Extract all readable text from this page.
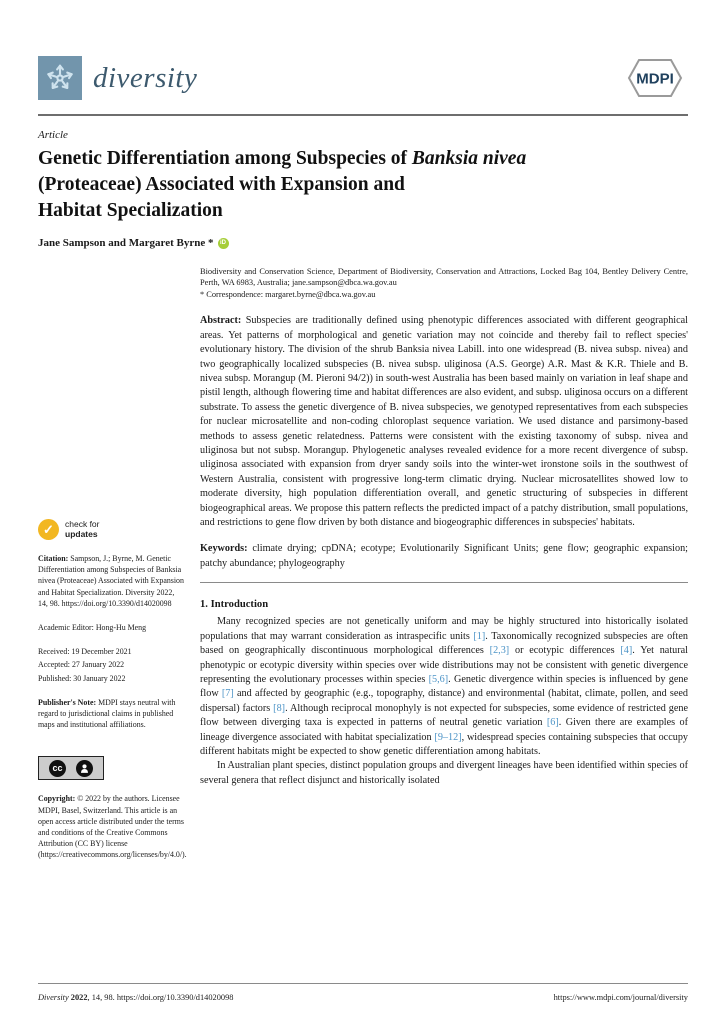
diversity	MDPI
Article
Genetic Differentiation among Subspecies of Banksia nivea
(Proteaceae) Associated with Expansion and
Habitat Specialization
Jane Sampson and Margaret Byrne *	iD
✓	check for
updates
Citation: Sampson, J.; Byrne, M. Genetic Differentiation among Subspecies of Banksia nivea (Proteaceae) Associated with Expansion and Habitat Specialization. Diversity 2022, 14, 98. https://doi.org/10.3390/d14020098
Academic Editor: Hong-Hu Meng
Received: 19 December 2021
Accepted: 27 January 2022
Published: 30 January 2022
Publisher's Note: MDPI stays neutral with regard to jurisdictional claims in published maps and institutional affiliations.
cc
Copyright: © 2022 by the authors. Licensee MDPI, Basel, Switzerland. This article is an open access article distributed under the terms and conditions of the Creative Commons Attribution (CC BY) license (https://creativecommons.org/licenses/by/4.0/).
Biodiversity and Conservation Science, Department of Biodiversity, Conservation and Attractions, Locked Bag 104, Bentley Delivery Centre, Perth, WA 6983, Australia; jane.sampson@dbca.wa.gov.au
* Correspondence: margaret.byrne@dbca.wa.gov.au
Abstract: Subspecies are traditionally defined using phenotypic differences associated with different geographical areas. Yet patterns of morphological and genetic variation may not coincide and thereby fail to reflect species' evolutionary history. The division of the shrub Banksia nivea Labill. into one widespread (B. nivea subsp. nivea) and two geographically localized subspecies (B. nivea subsp. uliginosa (A.S. George) A.R. Mast & K.R. Thiele and B. nivea subsp. Morangup (M. Pieroni 94/2)) in south-west Australia has been based mainly on variation in leaf shape and pistil length, although flowering time and habitat differences are also evident, and subsp. uliginosa occurs on a different substrate. To assess the genetic divergence of B. nivea subspecies, we genotyped representatives from each subspecies for nuclear microsatellite and non-coding chloroplast sequence variation. We used distance and parsimony-based methods to assess genetic relatedness. Patterns were consistent with the existing taxonomy of subsp. nivea and uliginosa but not subsp. Morangup. Phylogenetic analyses revealed evidence for a more recent divergence of subsp. uliginosa associated with expansion from dryer sandy soils into the winter-wet ironstone soils in the southwest of Western Australia, consistent with progressive long-term climatic drying. Nuclear microsatellites showed low to moderate diversity, high population differentiation overall, and genetic structuring of subspecies in different biogeographical areas. We propose this pattern reflects the predicted impact of a patchy distribution, small populations, and restrictions to gene flow driven by both distance and biogeographic differences in subspecies' habitats.
Keywords: climate drying; cpDNA; ecotype; Evolutionarily Significant Units; gene flow; geographic expansion; patchy abundance; phylogeography
1. Introduction

Many recognized species are not genetically uniform and may be highly structured into historically isolated populations that may warrant consideration as intraspecific units [1]. Taxonomically recognized subspecies are often based on geographically discontinuous morphological differences [2,3] or ecotypic differences [4]. Yet natural phenotypic or ecotypic diversity within species over wide distributions may not be consistent with genetic divergence representing the evolutionary processes within species [5,6]. Genetic divergence within species is influenced by gene flow [7] and affected by geographic (e.g., topography, distance) and environmental (habitat, climate, pollen, and seed dispersal) factors [8]. Although reciprocal monophyly is not expected for subspecies, some evidence of restricted gene flow between diverging taxa is expected in patterns of neutral genetic variation [6]. Given there are examples of lineage divergence associated with habitat specialization [9–12], widespread species containing subspecies that occupy different habitats might be expected to show genetic differentiation among habitats.

In Australian plant species, distinct population groups and divergent lineages have been identified within species of several genera that reflect disjunct and historically isolated

Diversity 2022, 14, 98. https://doi.org/10.3390/d14020098	https://www.mdpi.com/journal/diversity
